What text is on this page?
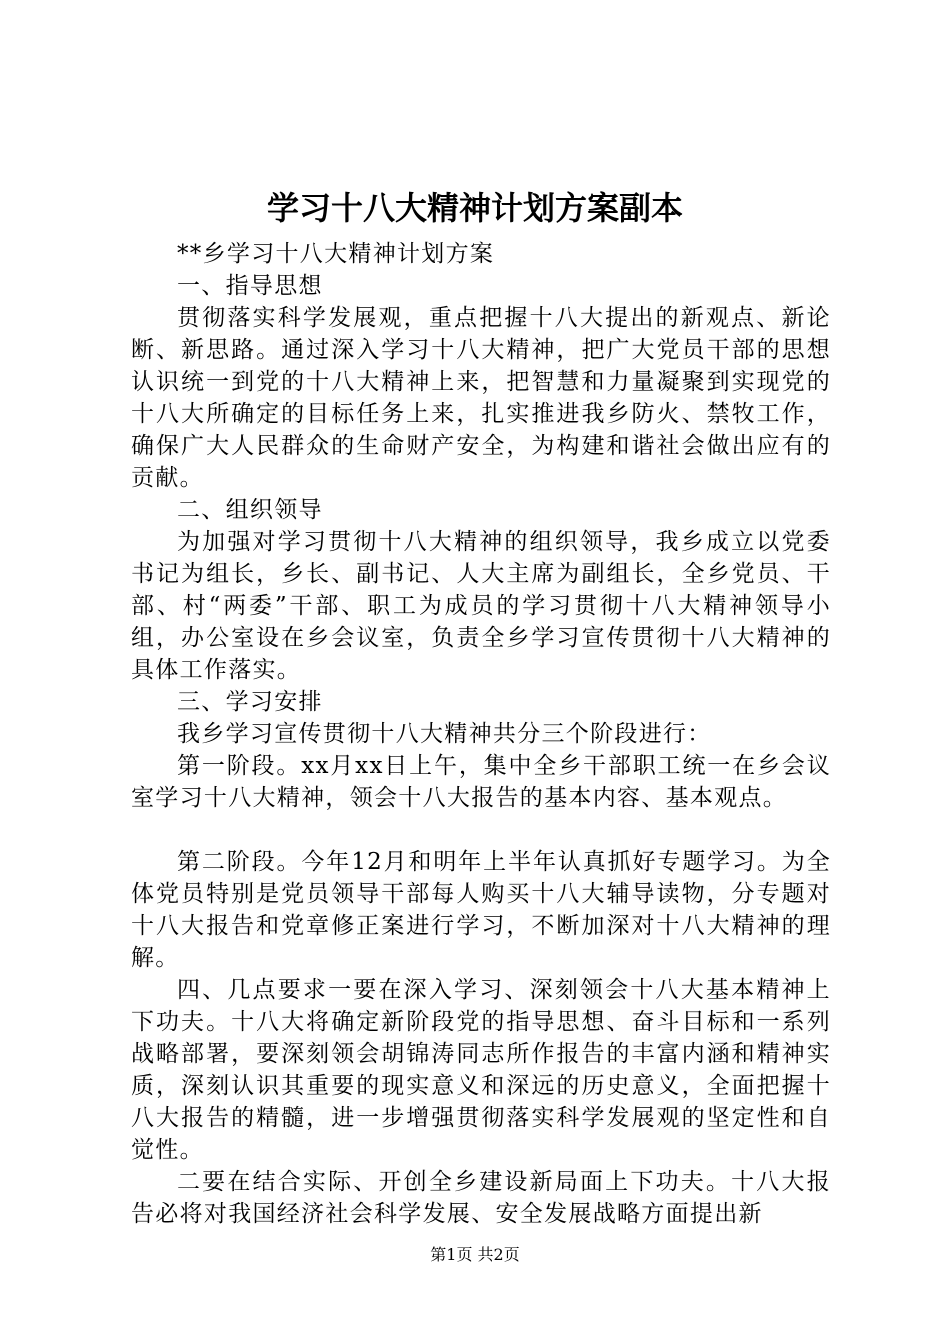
学习十八大精神计划方案副本

**乡学习十八大精神计划方案

一、指导思想

贯彻落实科学发展观，重点把握十八大提出的新观点、新论断、新思路。通过深入学习十八大精神，把广大党员干部的思想认识统一到党的十八大精神上来，把智慧和力量凝聚到实现党的十八大所确定的目标任务上来，扎实推进我乡防火、禁牧工作，确保广大人民群众的生命财产安全，为构建和谐社会做出应有的贡献。

二、组织领导

为加强对学习贯彻十八大精神的组织领导，我乡成立以党委书记为组长，乡长、副书记、人大主席为副组长，全乡党员、干部、村“两委”干部、职工为成员的学习贯彻十八大精神领导小组，办公室设在乡会议室，负责全乡学习宣传贯彻十八大精神的具体工作落实。

三、学习安排

我乡学习宣传贯彻十八大精神共分三个阶段进行：

第一阶段。xx月xx日上午，集中全乡干部职工统一在乡会议室学习十八大精神，领会十八大报告的基本内容、基本观点。

第二阶段。今年12月和明年上半年认真抓好专题学习。为全体党员特别是党员领导干部每人购买十八大辅导读物，分专题对十八大报告和党章修正案进行学习，不断加深对十八大精神的理解。

四、几点要求一要在深入学习、深刻领会十八大基本精神上下功夫。十八大将确定新阶段党的指导思想、奋斗目标和一系列战略部署，要深刻领会胡锦涛同志所作报告的丰富内涵和精神实质，深刻认识其重要的现实意义和深远的历史意义，全面把握十八大报告的精髓，进一步增强贯彻落实科学发展观的坚定性和自觉性。

二要在结合实际、开创全乡建设新局面上下功夫。十八大报告必将对我国经济社会科学发展、安全发展战略方面提出新

第1页 共2页
